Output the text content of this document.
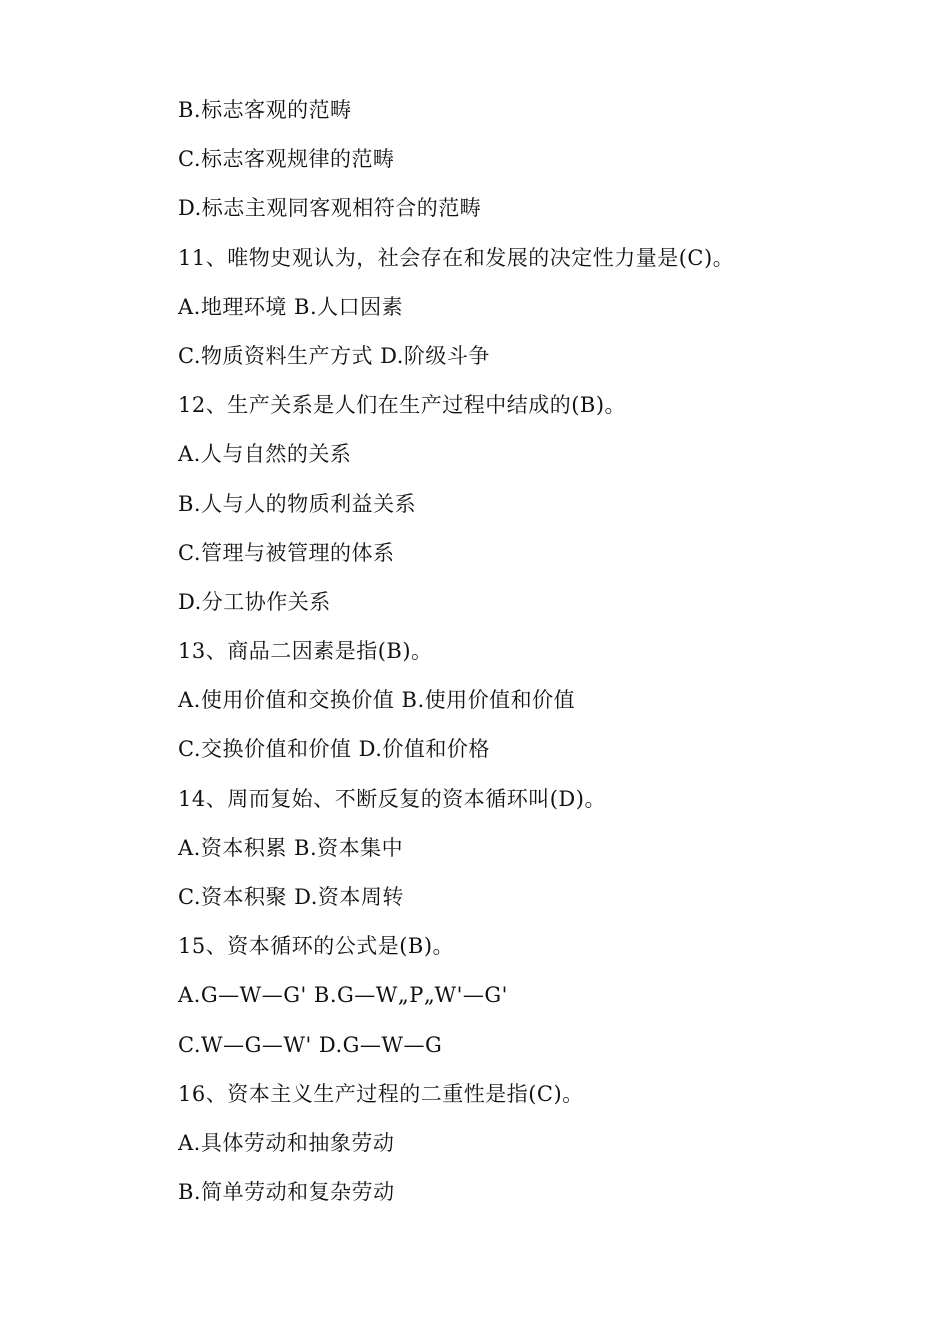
B.标志客观的范畴
C.标志客观规律的范畴
D.标志主观同客观相符合的范畴
11、唯物史观认为，社会存在和发展的决定性力量是(C)。
A.地理环境 B.人口因素
C.物质资料生产方式 D.阶级斗争
12、生产关系是人们在生产过程中结成的(B)。
A.人与自然的关系
B.人与人的物质利益关系
C.管理与被管理的体系
D.分工协作关系
13、商品二因素是指(B)。
A.使用价值和交换价值 B.使用价值和价值
C.交换价值和价值 D.价值和价格
14、周而复始、不断反复的资本循环叫(D)。
A.资本积累 B.资本集中
C.资本积聚 D.资本周转
15、资本循环的公式是(B)。
A.G—W—G' B.G—W„P„W'—G'
C.W—G—W' D.G—W—G
16、资本主义生产过程的二重性是指(C)。
A.具体劳动和抽象劳动
B.简单劳动和复杂劳动
